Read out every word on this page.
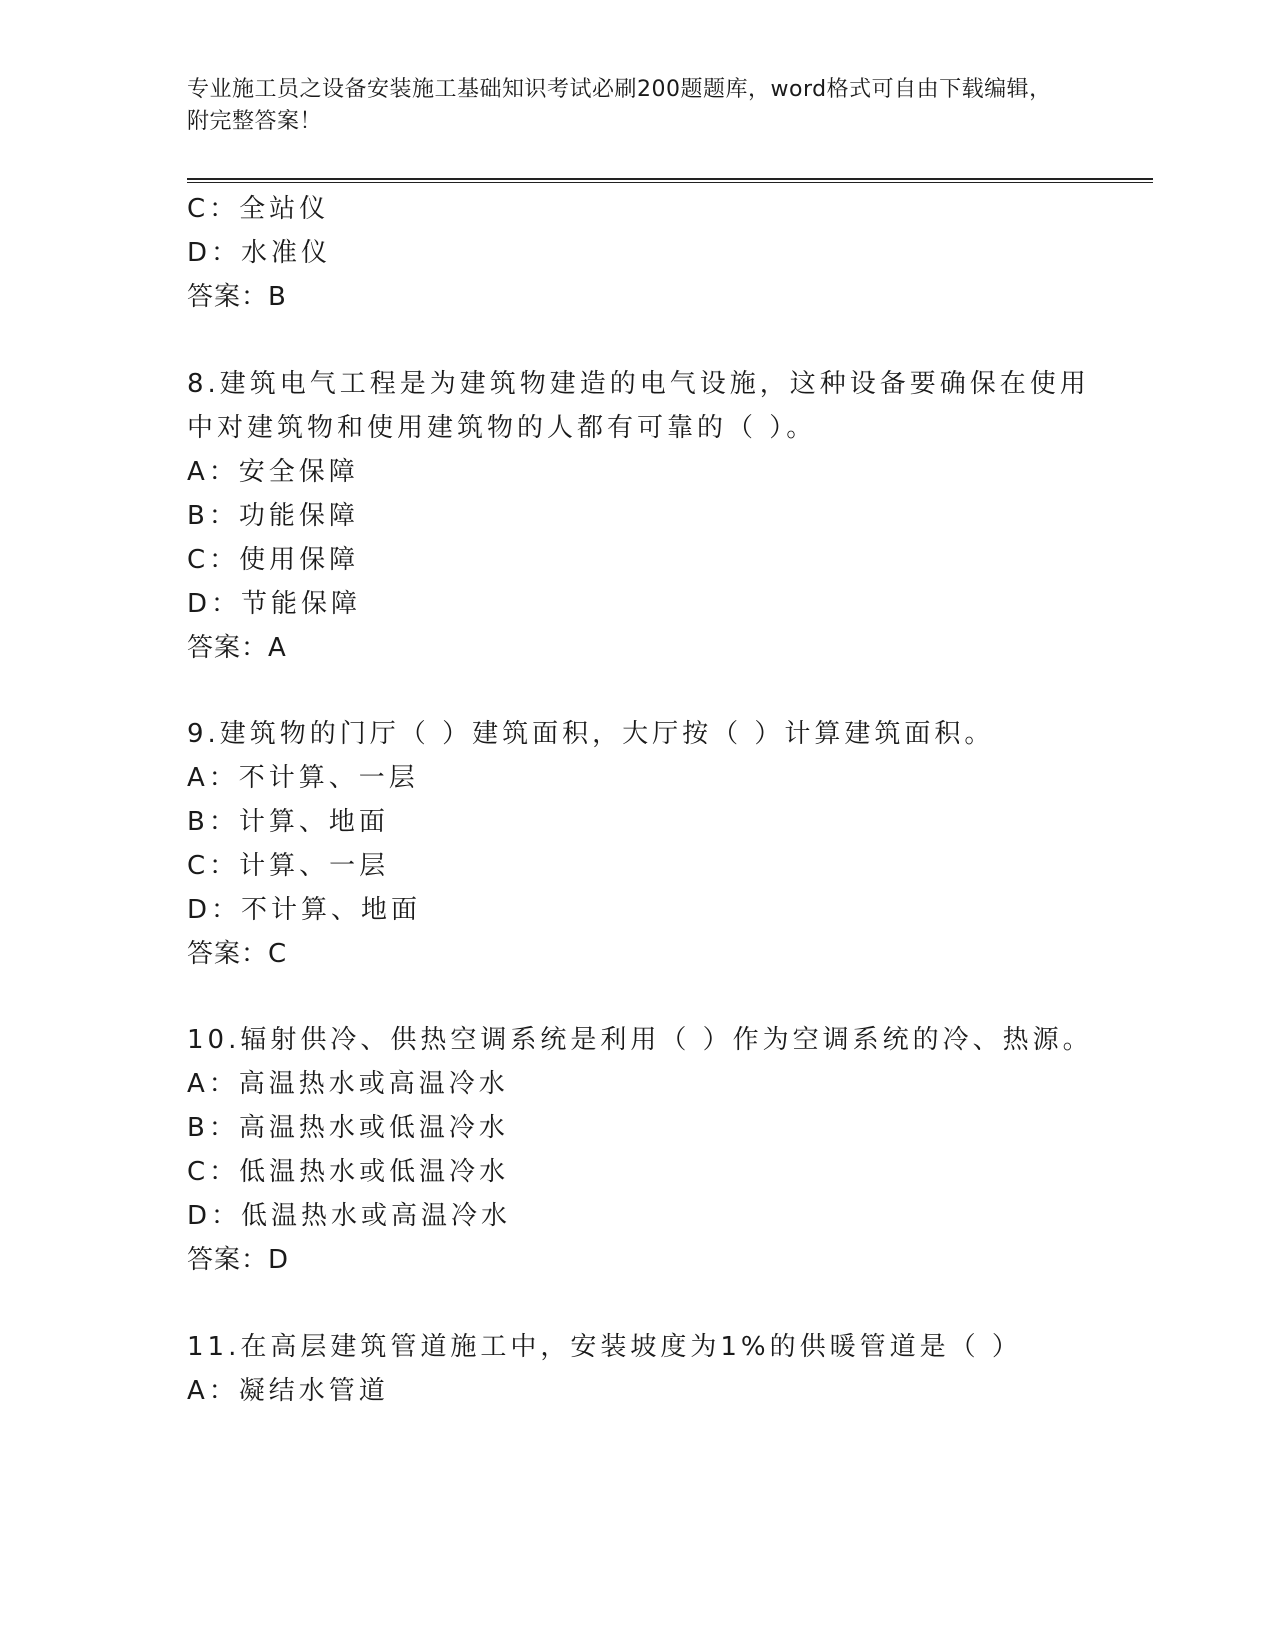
专业施工员之设备安装施工基础知识考试必刷200题题库，word格式可自由下载编辑，附完整答案！
C：全站仪
D：水准仪
答案：B
8.建筑电气工程是为建筑物建造的电气设施，这种设备要确保在使用
中对建筑物和使用建筑物的人都有可靠的（ ）。
A：安全保障
B：功能保障
C：使用保障
D：节能保障
答案：A
9.建筑物的门厅（ ）建筑面积，大厅按（ ）计算建筑面积。
A：不计算、一层
B：计算、地面
C：计算、一层
D：不计算、地面
答案：C
10.辐射供冷、供热空调系统是利用（ ）作为空调系统的冷、热源。
A：高温热水或高温冷水
B：高温热水或低温冷水
C：低温热水或低温冷水
D：低温热水或高温冷水
答案：D
11.在高层建筑管道施工中，安装坡度为1%的供暖管道是（ ）
A：凝结水管道
